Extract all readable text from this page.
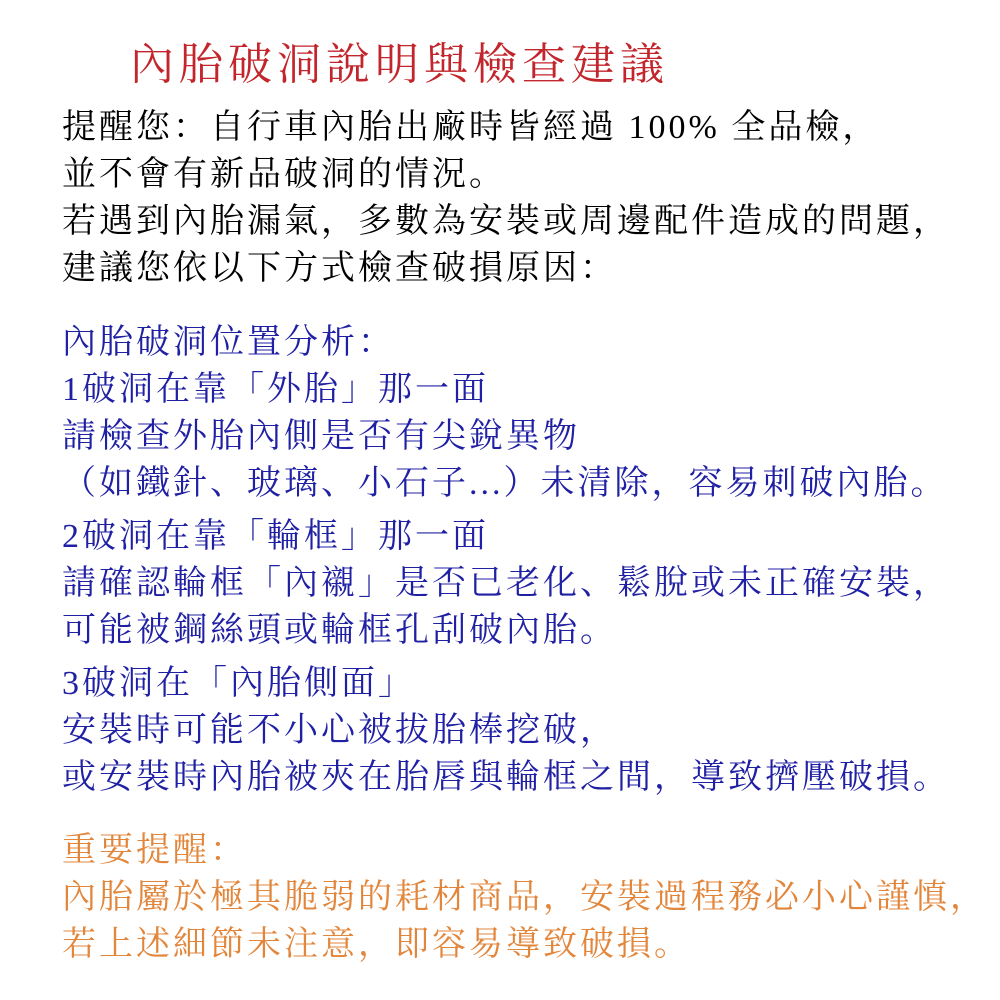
內胎破洞說明與檢查建議
提醒您：自行車內胎出廠時皆經過 100% 全品檢，
並不會有新品破洞的情況。
若遇到內胎漏氣，多數為安裝或周邊配件造成的問題，
建議您依以下方式檢查破損原因：
內胎破洞位置分析：
1破洞在靠「外胎」那一面
請檢查外胎內側是否有尖銳異物
（如鐵針、玻璃、小石子...）未清除，容易刺破內胎。
2破洞在靠「輪框」那一面
請確認輪框「內襯」是否已老化、鬆脫或未正確安裝，
可能被鋼絲頭或輪框孔刮破內胎。
3破洞在「內胎側面」
安裝時可能不小心被拔胎棒挖破，
或安裝時內胎被夾在胎唇與輪框之間，導致擠壓破損。
重要提醒：
內胎屬於極其脆弱的耗材商品，安裝過程務必小心謹慎，
若上述細節未注意，即容易導致破損。
